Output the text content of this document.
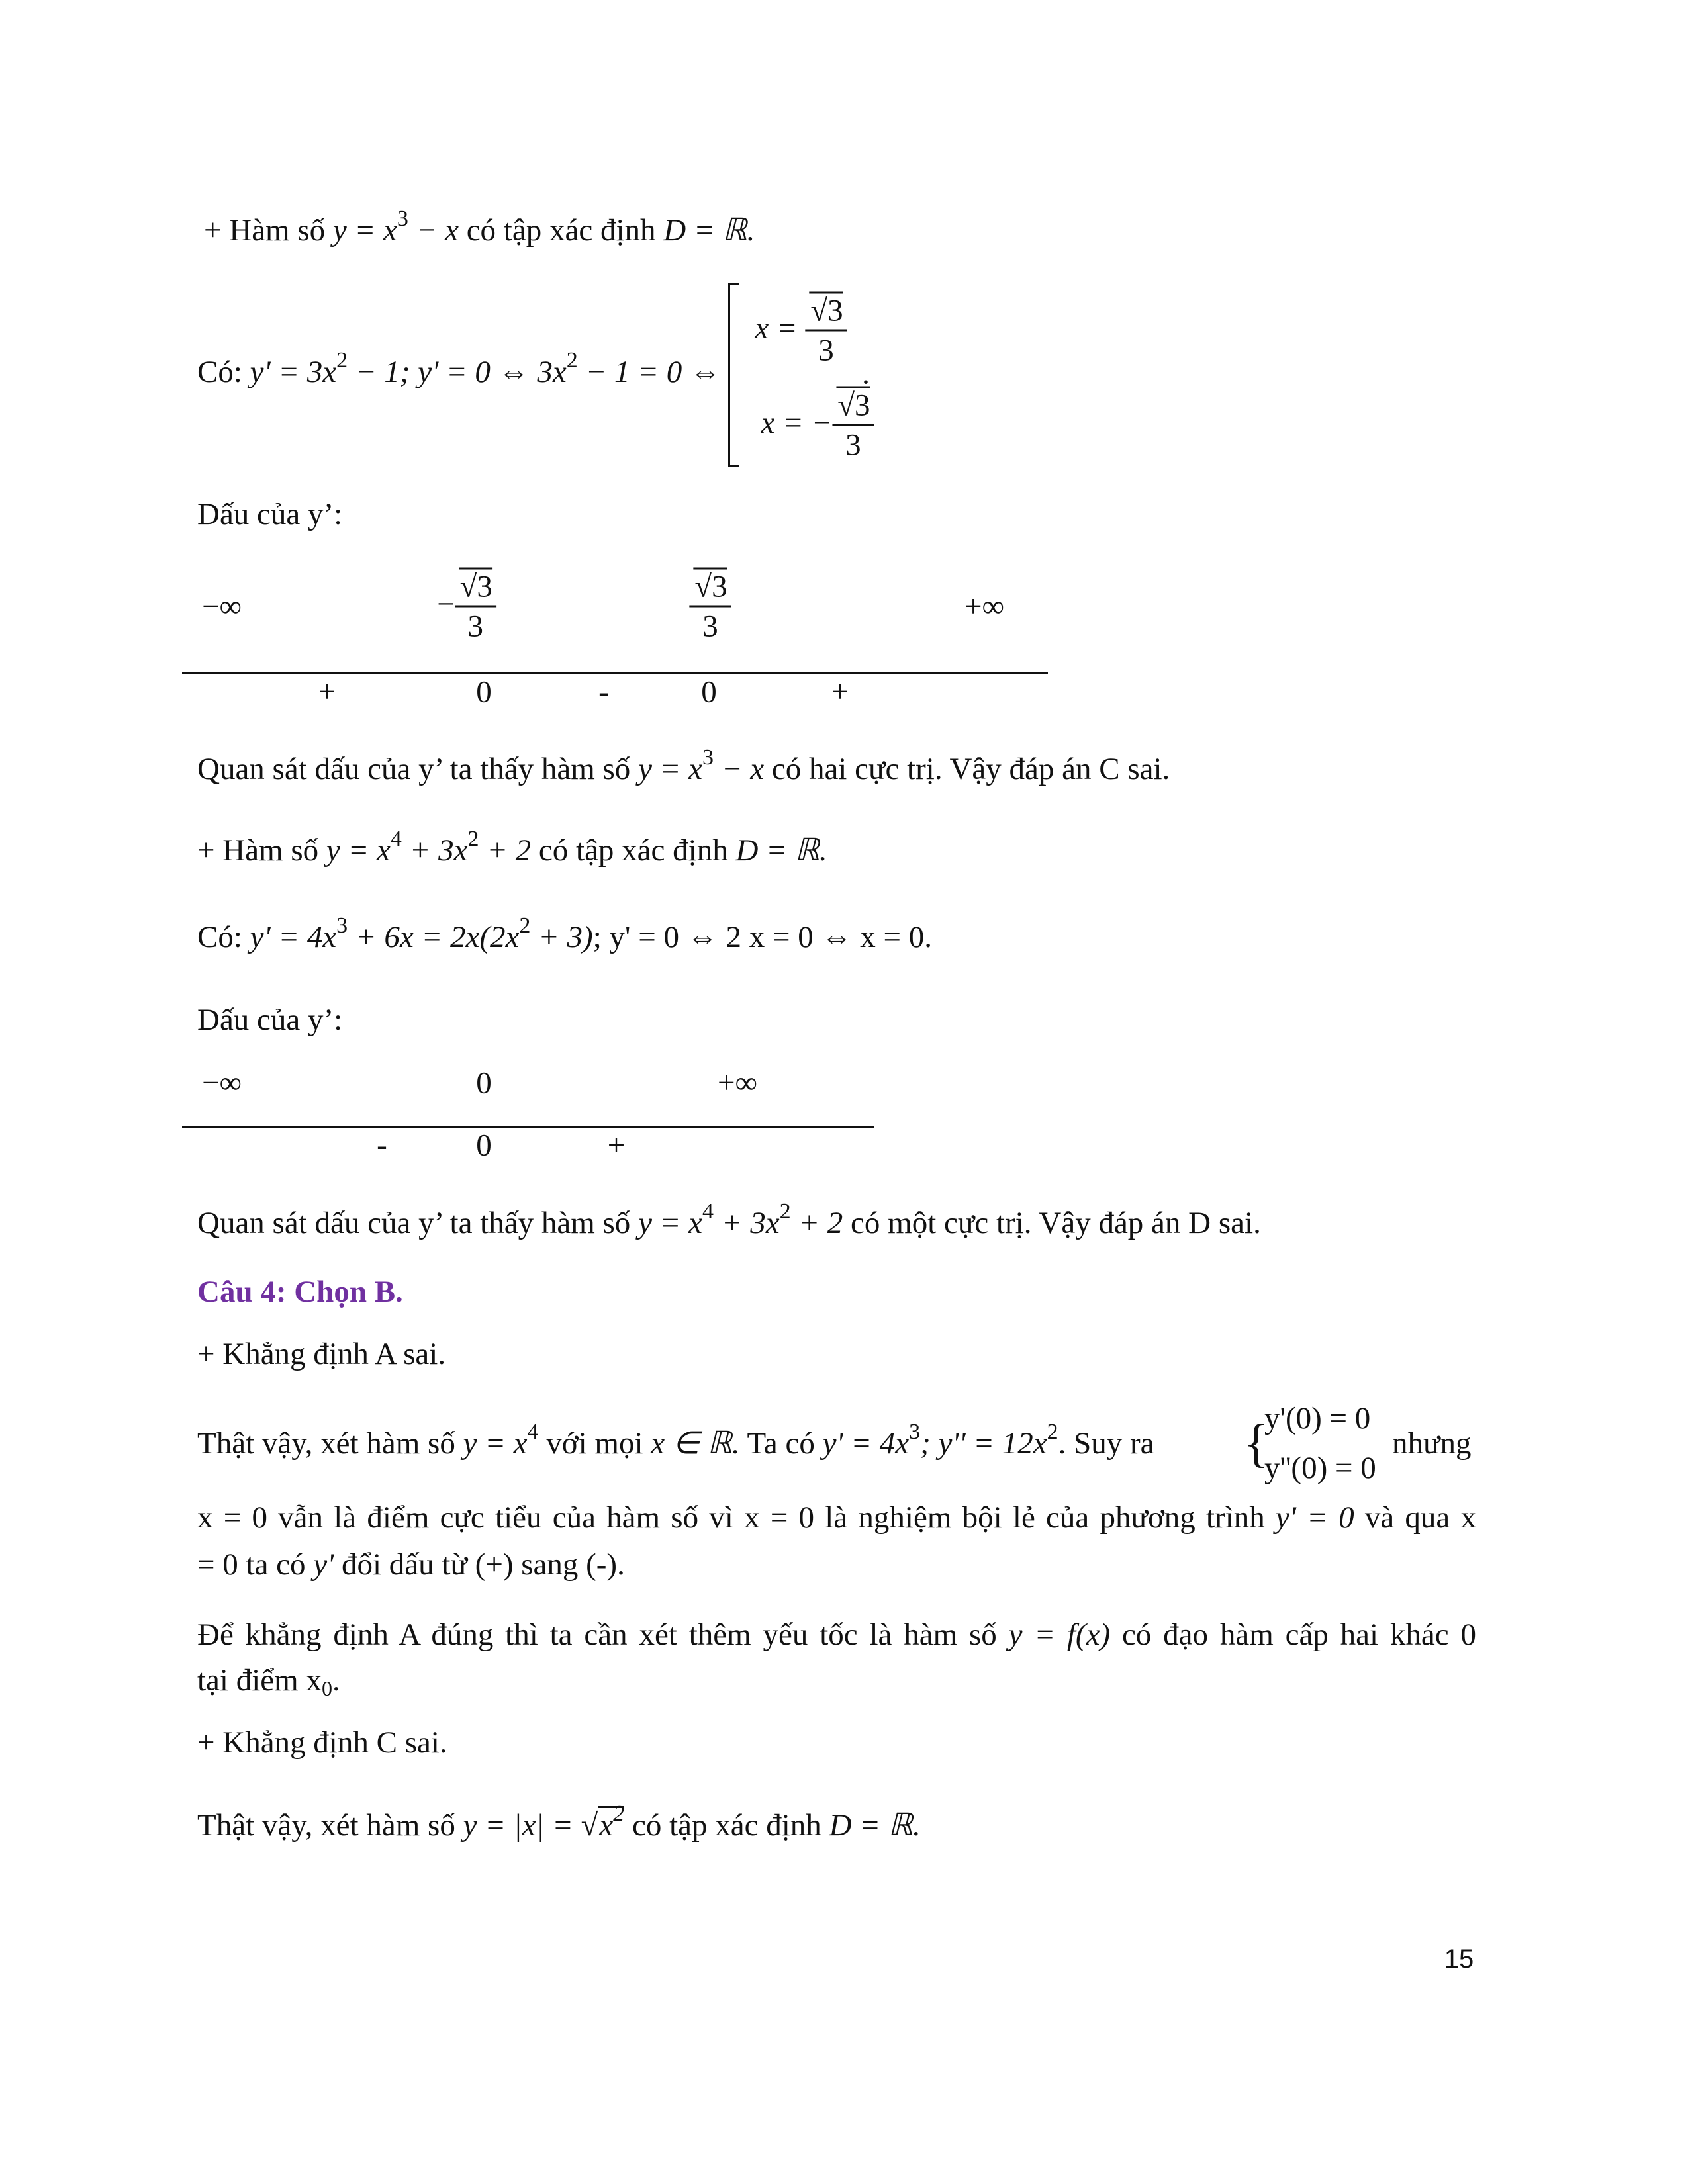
+ Hàm số $y = x^3 - x$ có tập xác định D = ℝ.
Có: $y' = 3x^2 - 1$; y' = 0 ⇔ $3x^2 - 1 = 0$ ⇔
$x = \frac{√3}{3}$
x = − $\frac{√3}{3}$
.
Dấu của y’:
−∞	− $\frac{√3}{3}$	$\frac{√3}{3}$	+∞
+	0	-	0	+
Quan sát dấu của y’ ta thấy hàm số $y = x^3 - x$ có hai cực trị. Vậy đáp án C sai.
+ Hàm số $y = x^4 + 3x^2 + 2$ có tập xác định D = ℝ.
Có: $y' = 4x^3 + 6x = 2x(2x^2 + 3)$; y' = 0 ⇔ 2 x = 0 ⇔ x = 0.
Dấu của y’:
−∞	0	+∞
-	0	+
Quan sát dấu của y’ ta thấy hàm số $y = x^4 + 3x^2 + 2$ có một cực trị. Vậy đáp án D sai.
Câu 4: Chọn B.
+ Khẳng định A sai.
Thật vậy, xét hàm số $y = x^4$ với mọi x ∈ ℝ. Ta có $y' = 4x^3$; $y'' = 12x^2$. Suy ra {
y'(0) = 0
y''(0) = 0
nhưng
x = 0 vẫn là điểm cực tiểu của hàm số vì x = 0 là nghiệm bội lẻ của phương trình y' = 0 và qua x
= 0 ta có y' đổi dấu từ (+) sang (-).
Để khẳng định A đúng thì ta cần xét thêm yếu tốc là hàm số y = f(x) có đạo hàm cấp hai khác 0
tại điểm $x_0$.
+ Khẳng định C sai.
Thật vậy, xét hàm số $y = |x| = √x^2$ có tập xác định D = ℝ.
15
